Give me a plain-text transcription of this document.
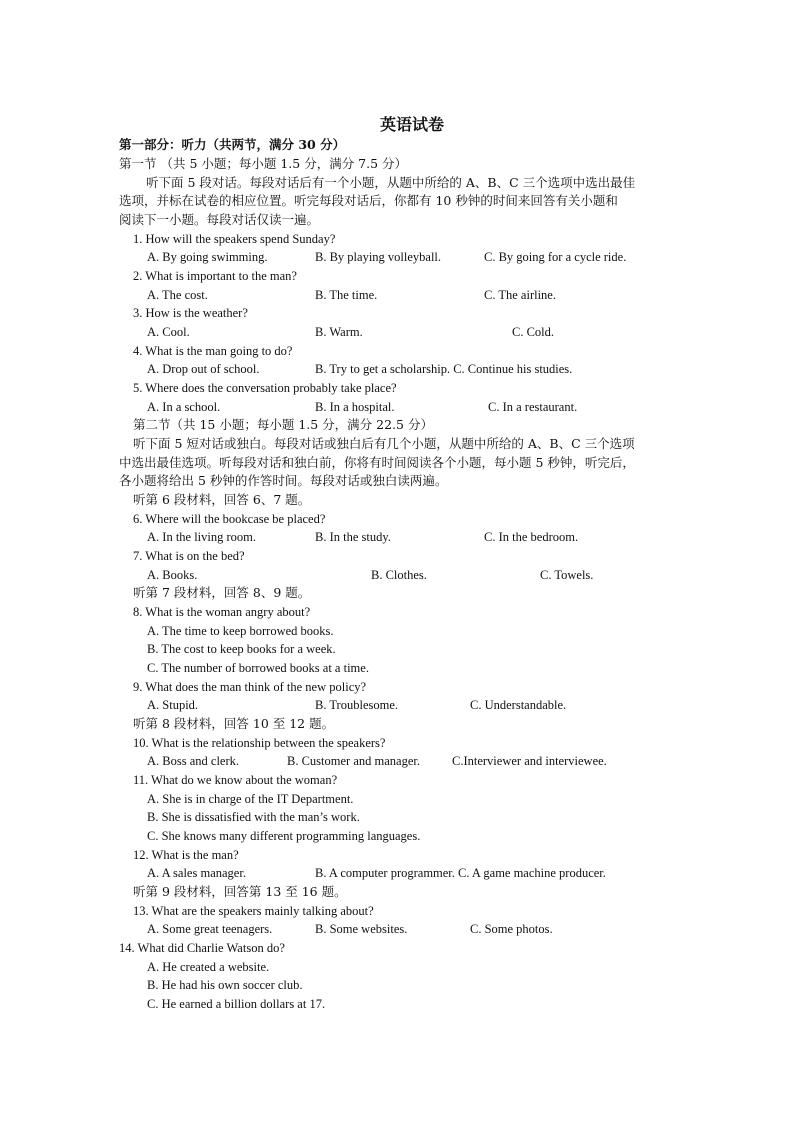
英语试卷
第一部分：听力（共两节，满分 30 分）
第一节 （共 5 小题；每小题 1.5 分，满分 7.5 分）
听下面 5 段对话。每段对话后有一个小题，从题中所给的 A、B、C 三个选项中选出最佳
选项，并标在试卷的相应位置。听完每段对话后，你都有 10 秒钟的时间来回答有关小题和
阅读下一小题。每段对话仅读一遍。
1. How will the speakers spend Sunday?
A. By going swimming.	B. By playing volleyball.	C. By going for a cycle ride.
2. What is important to the man?
A. The cost.	B. The time.	C. The airline.
3. How is the weather?
A. Cool.	B. Warm.	C. Cold.
4. What is the man going to do?
A. Drop out of school.	B. Try to get a scholarship. C. Continue his studies.
5. Where does the conversation probably take place?
A. In a school.	B. In a hospital.	C. In a restaurant.
第二节（共 15 小题；每小题 1.5 分，满分 22.5 分）
听下面 5 短对话或独白。每段对话或独白后有几个小题，从题中所给的 A、B、C 三个选项
中选出最佳选项。听每段对话和独白前，你将有时间阅读各个小题，每小题 5 秒钟，听完后，
各小题将给出 5 秒钟的作答时间。每段对话或独白读两遍。
听第 6 段材料，回答 6、7 题。
6. Where will the bookcase be placed?
A. In the living room.	B. In the study.	C. In the bedroom.
7. What is on the bed?
A. Books.	B. Clothes.	C. Towels.
听第 7 段材料，回答 8、9 题。
8. What is the woman angry about?
A. The time to keep borrowed books.
B. The cost to keep books for a week.
C. The number of borrowed books at a time.
9. What does the man think of the new policy?
A. Stupid.	B. Troublesome.	C. Understandable.
听第 8 段材料，回答 10 至 12 题。
10. What is the relationship between the speakers?
A. Boss and clerk.	B. Customer and manager.	C.Interviewer and interviewee.
11. What do we know about the woman?
A. She is in charge of the IT Department.
B. She is dissatisfied with the man’s work.
C. She knows many different programming languages.
12. What is the man?
A. A sales manager.	B. A computer programmer. C. A game machine producer.
听第 9 段材料，回答第 13 至 16 题。
13. What are the speakers mainly talking about?
A. Some great teenagers.	B. Some websites.	C. Some photos.
14. What did Charlie Watson do?
A. He created a website.
B. He had his own soccer club.
C. He earned a billion dollars at 17.
